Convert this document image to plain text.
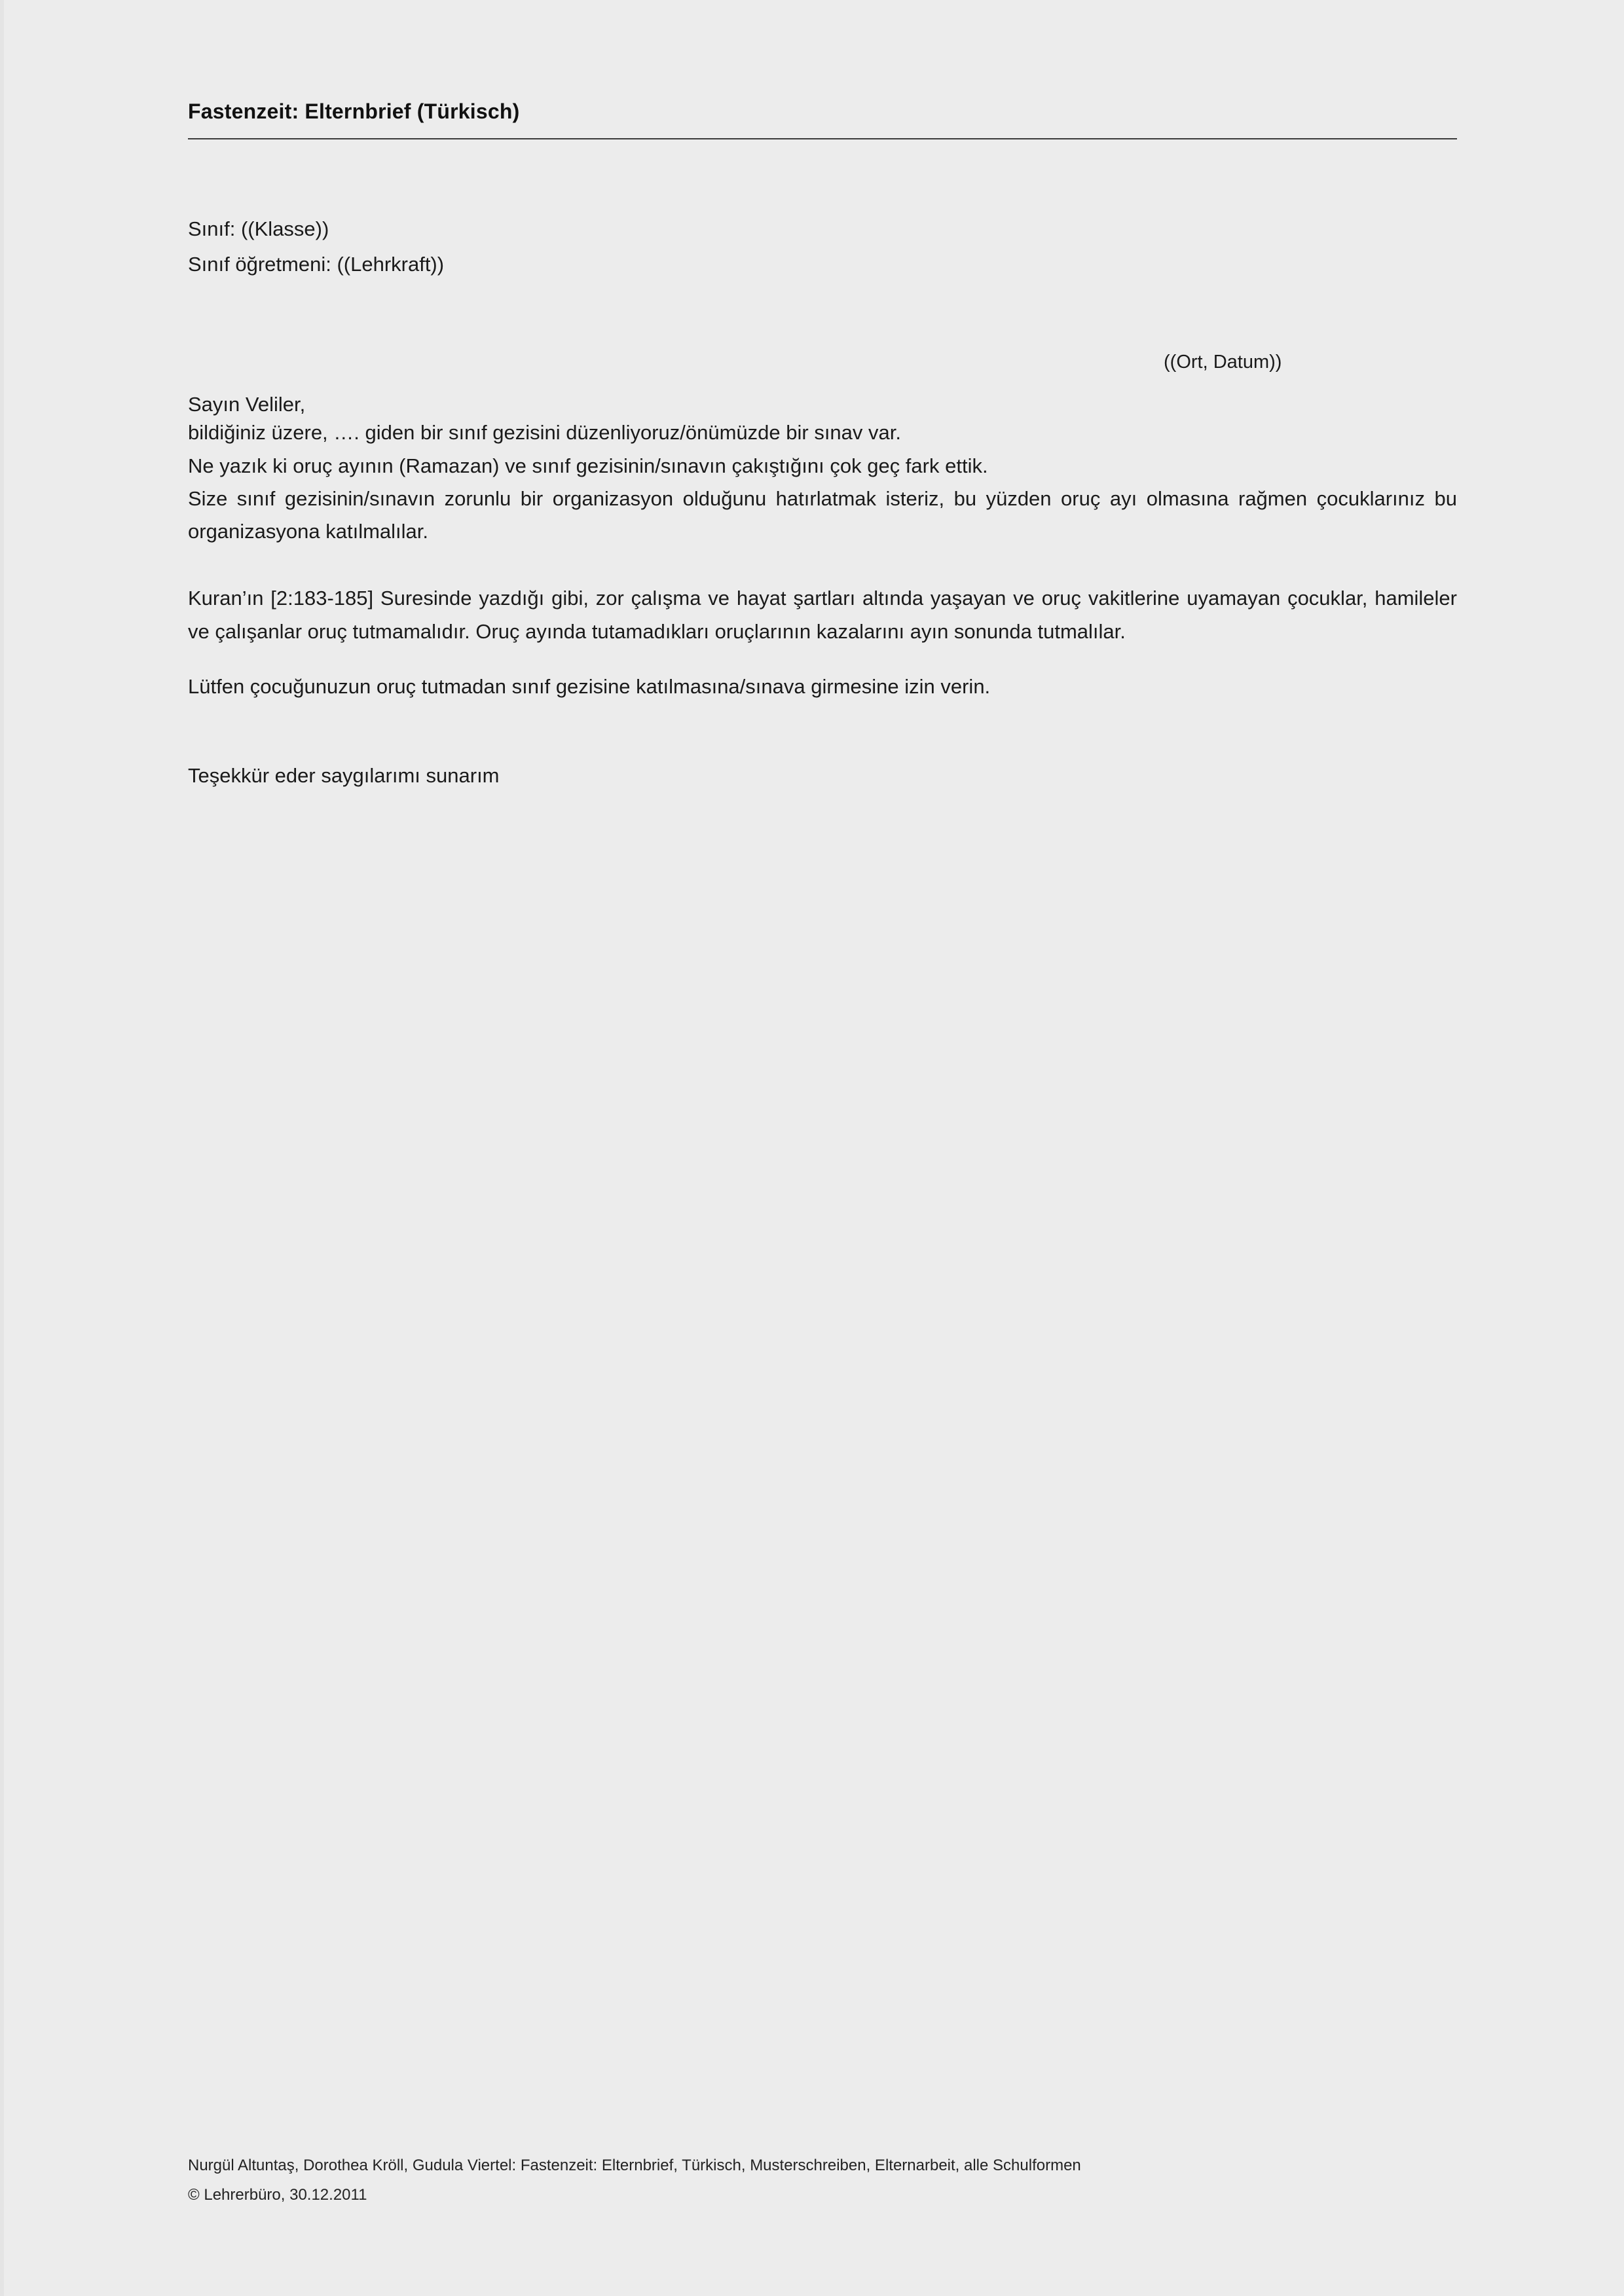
Fastenzeit: Elternbrief (Türkisch)
Sınıf: ((Klasse))
Sınıf öğretmeni: ((Lehrkraft))
((Ort, Datum))
Sayın Veliler,
bildiğiniz üzere, …. giden bir sınıf gezisini düzenliyoruz/önümüzde bir sınav var.
Ne yazık ki oruç ayının (Ramazan) ve sınıf gezisinin/sınavın çakıştığını çok geç fark ettik.
Size sınıf gezisinin/sınavın zorunlu bir organizasyon olduğunu hatırlatmak isteriz, bu yüzden oruç ayı olmasına rağmen çocuklarınız bu organizasyona katılmalılar.
Kuran’ın [2:183-185] Suresinde yazdığı gibi, zor çalışma ve hayat şartları altında yaşayan ve oruç vakitlerine uyamayan çocuklar, hamileler ve çalışanlar oruç tutmamalıdır. Oruç ayında tutamadıkları oruçlarının kazalarını ayın sonunda tutmalılar.
Lütfen çocuğunuzun oruç tutmadan sınıf gezisine katılmasına/sınava girmesine izin verin.
Teşekkür eder saygılarımı sunarım
Nurgül Altuntaş, Dorothea Kröll, Gudula Viertel: Fastenzeit: Elternbrief, Türkisch, Musterschreiben, Elternarbeit, alle Schulformen
© Lehrerbüro, 30.12.2011
